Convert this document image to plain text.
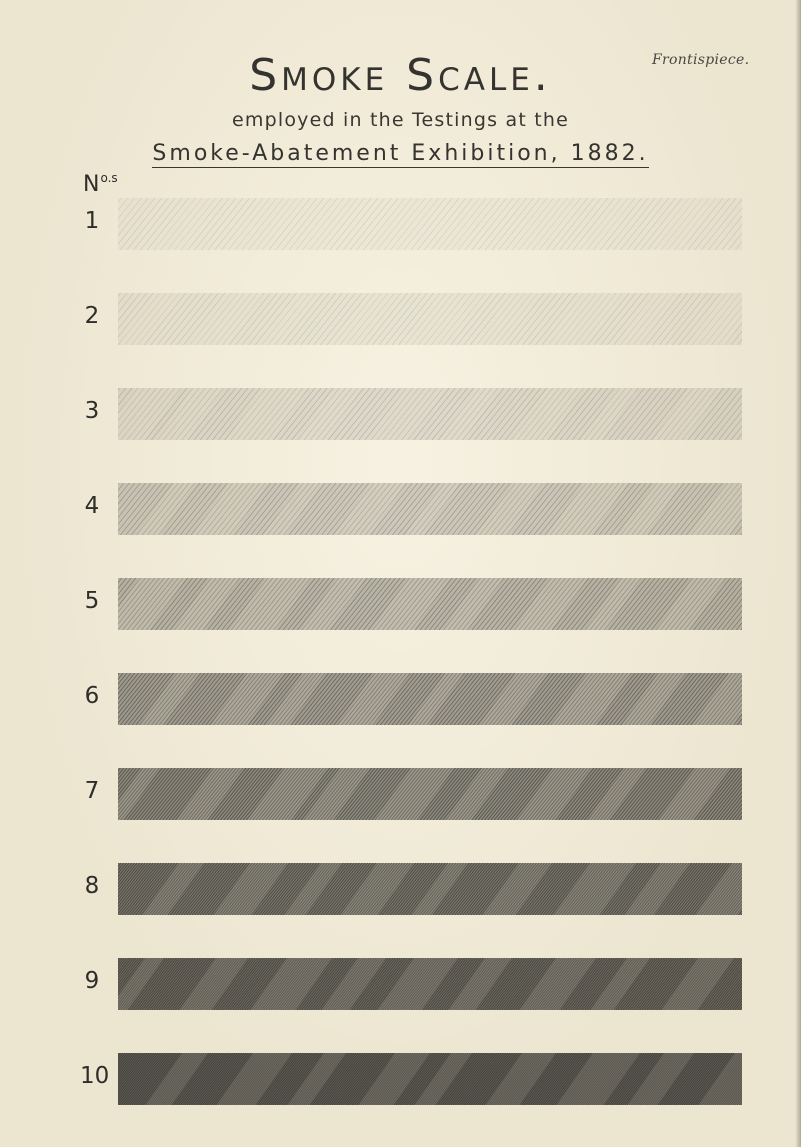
Frontispiece.
Smoke Scale.
employed in the Testings at the
Smoke-Abatement Exhibition, 1882.
$N^{o.s}$
1
2
3
4
5
6
7
8
9
10
